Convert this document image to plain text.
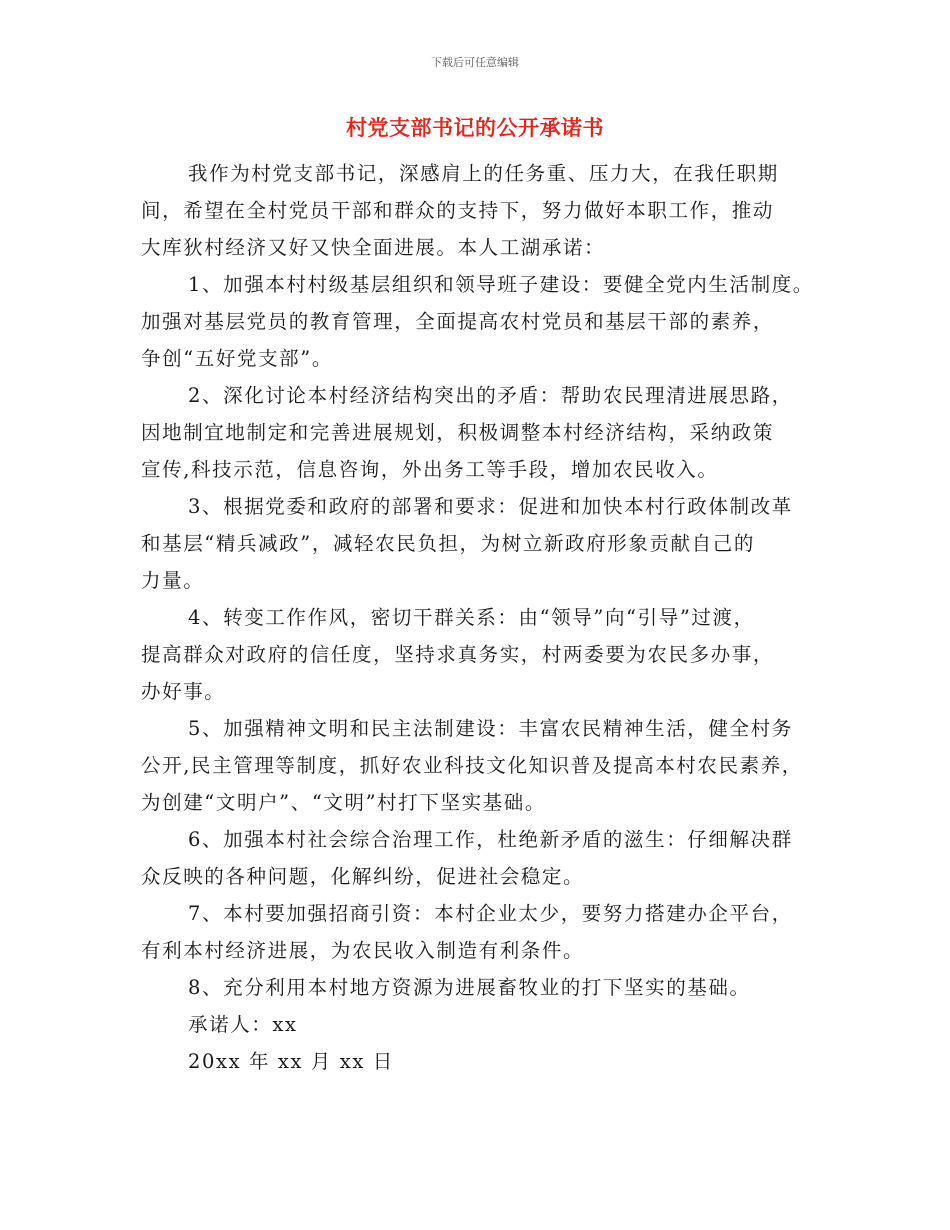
下载后可任意编辑
村党支部书记的公开承诺书

我作为村党支部书记，深感肩上的任务重、压力大，在我任职期
间，希望在全村党员干部和群众的支持下，努力做好本职工作，推动
大库狄村经济又好又快全面进展。本人工湖承诺：

1、加强本村村级基层组织和领导班子建设：要健全党内生活制度。
加强对基层党员的教育管理，全面提高农村党员和基层干部的素养，
争创“五好党支部”。

2、深化讨论本村经济结构突出的矛盾：帮助农民理清进展思路，
因地制宜地制定和完善进展规划，积极调整本村经济结构，采纳政策
宣传,科技示范，信息咨询，外出务工等手段，增加农民收入。

3、根据党委和政府的部署和要求：促进和加快本村行政体制改革
和基层“精兵减政”，减轻农民负担，为树立新政府形象贡献自己的
力量。

4、转变工作作风，密切干群关系：由“领导”向“引导”过渡，
提高群众对政府的信任度，坚持求真务实，村两委要为农民多办事，
办好事。

5、加强精神文明和民主法制建设：丰富农民精神生活，健全村务
公开,民主管理等制度，抓好农业科技文化知识普及提高本村农民素养，
为创建“文明户”、“文明”村打下坚实基础。

6、加强本村社会综合治理工作，杜绝新矛盾的滋生：仔细解决群
众反映的各种问题，化解纠纷，促进社会稳定。

7、本村要加强招商引资：本村企业太少，要努力搭建办企平台，
有利本村经济进展，为农民收入制造有利条件。

8、充分利用本村地方资源为进展畜牧业的打下坚实的基础。

承诺人：xx

20xx 年 xx 月 xx 日
